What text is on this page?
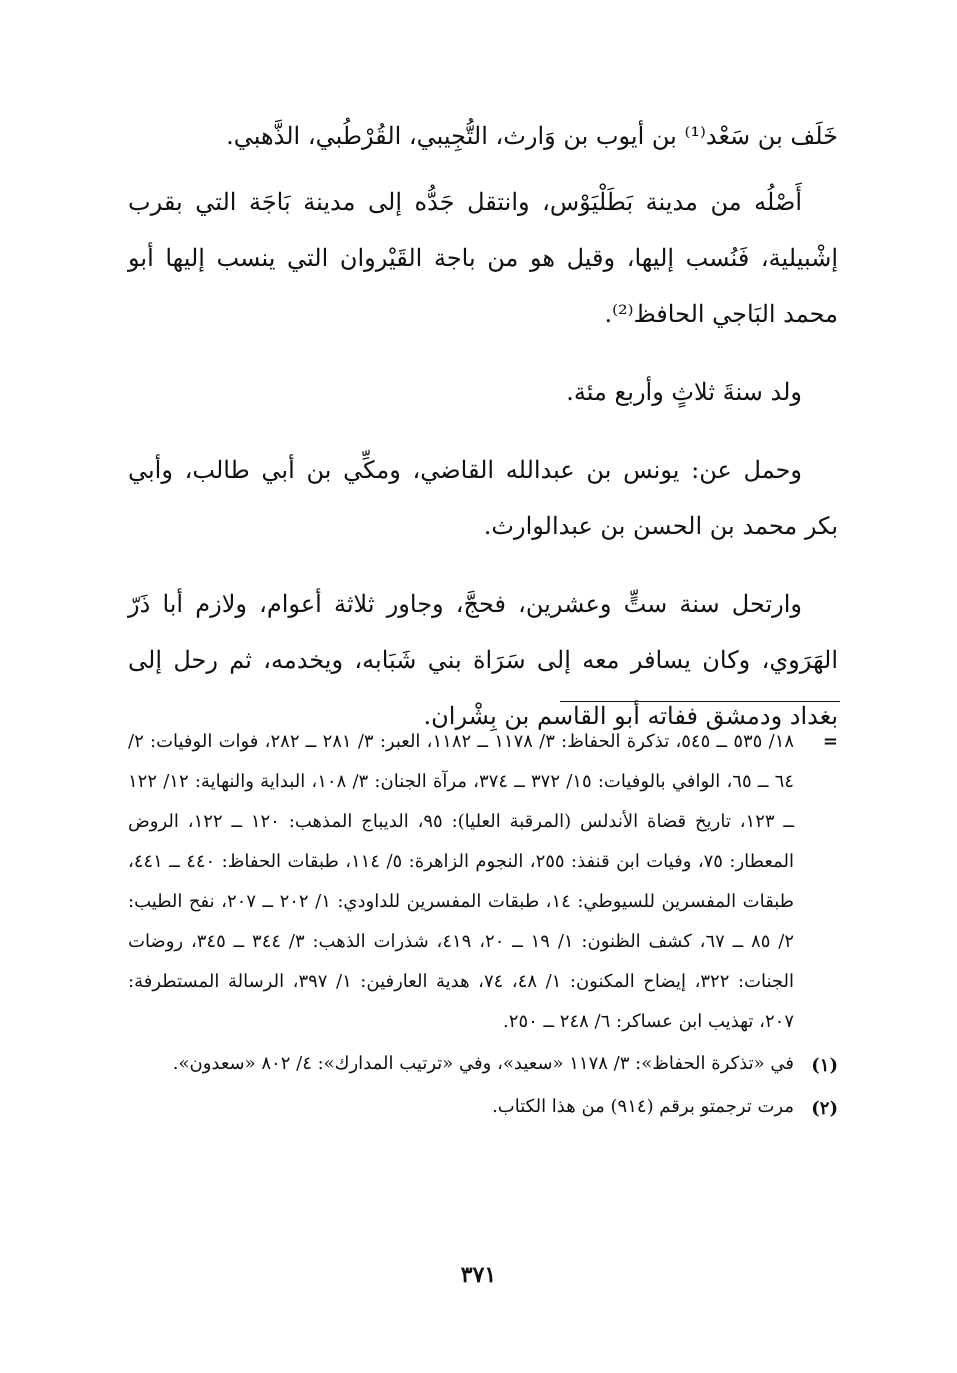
خَلَف بن سَعْد⁽¹⁾ بن أيوب بن وَارث، التُّجِيبي، القُرْطُبي، الذَّهبي.

أَصْلُه من مدينة بَطَلْيَوْس، وانتقل جَدُّه إلى مدينة بَاجَة التي بقرب إشْبيلية، فَنُسب إليها، وقيل هو من باجة القَيْروان التي ينسب إليها أبو محمد البَاجي الحافظ⁽²⁾.

ولد سنةَ ثلاثٍ وأربع مئة.

وحمل عن: يونس بن عبدالله القاضي، ومكِّي بن أبي طالب، وأبي بكر محمد بن الحسن بن عبدالوارث.

وارتحل سنة ستٍّ وعشرين، فحجَّ، وجاور ثلاثة أعوام، ولازم أبا ذَرّ الهَرَوي، وكان يسافر معه إلى سَرَاة بني شَبَابه، ويخدمه، ثم رحل إلى بغداد ودمشق ففاته أبو القاسم بن بِشْران.

=
١٨/ ٥٣٥ ــ ٥٤٥، تذكرة الحفاظ: ٣/ ١١٧٨ ــ ١١٨٢، العبر: ٣/ ٢٨١ ــ ٢٨٢، فوات الوفيات: ٢/ ٦٤ ــ ٦٥، الوافي بالوفيات: ١٥/ ٣٧٢ ــ ٣٧٤، مرآة الجنان: ٣/ ١٠٨، البداية والنهاية: ١٢/ ١٢٢ ــ ١٢٣، تاريخ قضاة الأندلس (المرقبة العليا): ٩٥، الديباج المذهب: ١٢٠ ــ ١٢٢، الروض المعطار: ٧٥، وفيات ابن قنفذ: ٢٥٥، النجوم الزاهرة: ٥/ ١١٤، طبقات الحفاظ: ٤٤٠ ــ ٤٤١، طبقات المفسرين للسيوطي: ١٤، طبقات المفسرين للداودي: ١/ ٢٠٢ ــ ٢٠٧، نفح الطيب: ٢/ ٨٥ ــ ٦٧، كشف الظنون: ١/ ١٩ ــ ٢٠، ٤١٩، شذرات الذهب: ٣/ ٣٤٤ ــ ٣٤٥، روضات الجنات: ٣٢٢، إيضاح المكنون: ١/ ٤٨، ٧٤، هدية العارفين: ١/ ٣٩٧، الرسالة المستطرفة: ٢٠٧، تهذيب ابن عساكر: ٦/ ٢٤٨ ــ ٢٥٠.
(١)
في «تذكرة الحفاظ»: ٣/ ١١٧٨ «سعيد»، وفي «ترتيب المدارك»: ٤/ ٨٠٢ «سعدون».
(٢)
مرت ترجمتو برقم (٩١٤) من هذا الكتاب.
٣٧١
